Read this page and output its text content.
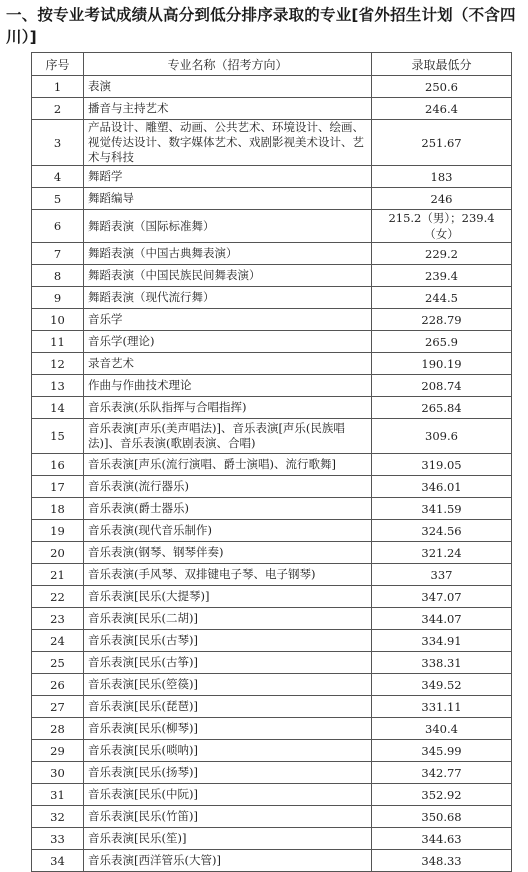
一、按专业考试成绩从高分到低分排序录取的专业[省外招生计划（不含四川）]
序号	专业名称（招考方向）	录取最低分
1	表演	250.6
2	播音与主持艺术	246.4
3	产品设计、雕塑、动画、公共艺术、环境设计、绘画、视觉传达设计、数字媒体艺术、戏剧影视美术设计、艺术与科技	251.67
4	舞蹈学	183
5	舞蹈编导	246
6	舞蹈表演（国际标准舞）	215.2（男）；239.4（女）
7	舞蹈表演（中国古典舞表演）	229.2
8	舞蹈表演（中国民族民间舞表演）	239.4
9	舞蹈表演（现代流行舞）	244.5
10	音乐学	228.79
11	音乐学(理论)	265.9
12	录音艺术	190.19
13	作曲与作曲技术理论	208.74
14	音乐表演(乐队指挥与合唱指挥)	265.84
15	音乐表演[声乐(美声唱法)]、音乐表演[声乐(民族唱法)]、音乐表演(歌剧表演、合唱)	309.6
16	音乐表演[声乐(流行演唱、爵士演唱)、流行歌舞]	319.05
17	音乐表演(流行器乐)	346.01
18	音乐表演(爵士器乐)	341.59
19	音乐表演(现代音乐制作)	324.56
20	音乐表演(钢琴、钢琴伴奏)	321.24
21	音乐表演(手风琴、双排键电子琴、电子钢琴)	337
22	音乐表演[民乐(大提琴)]	347.07
23	音乐表演[民乐(二胡)]	344.07
24	音乐表演[民乐(古琴)]	334.91
25	音乐表演[民乐(古筝)]	338.31
26	音乐表演[民乐(箜篌)]	349.52
27	音乐表演[民乐(琵琶)]	331.11
28	音乐表演[民乐(柳琴)]	340.4
29	音乐表演[民乐(唢呐)]	345.99
30	音乐表演[民乐(扬琴)]	342.77
31	音乐表演[民乐(中阮)]	352.92
32	音乐表演[民乐(竹笛)]	350.68
33	音乐表演[民乐(笙)]	344.63
34	音乐表演[西洋管乐(大管)]	348.33
